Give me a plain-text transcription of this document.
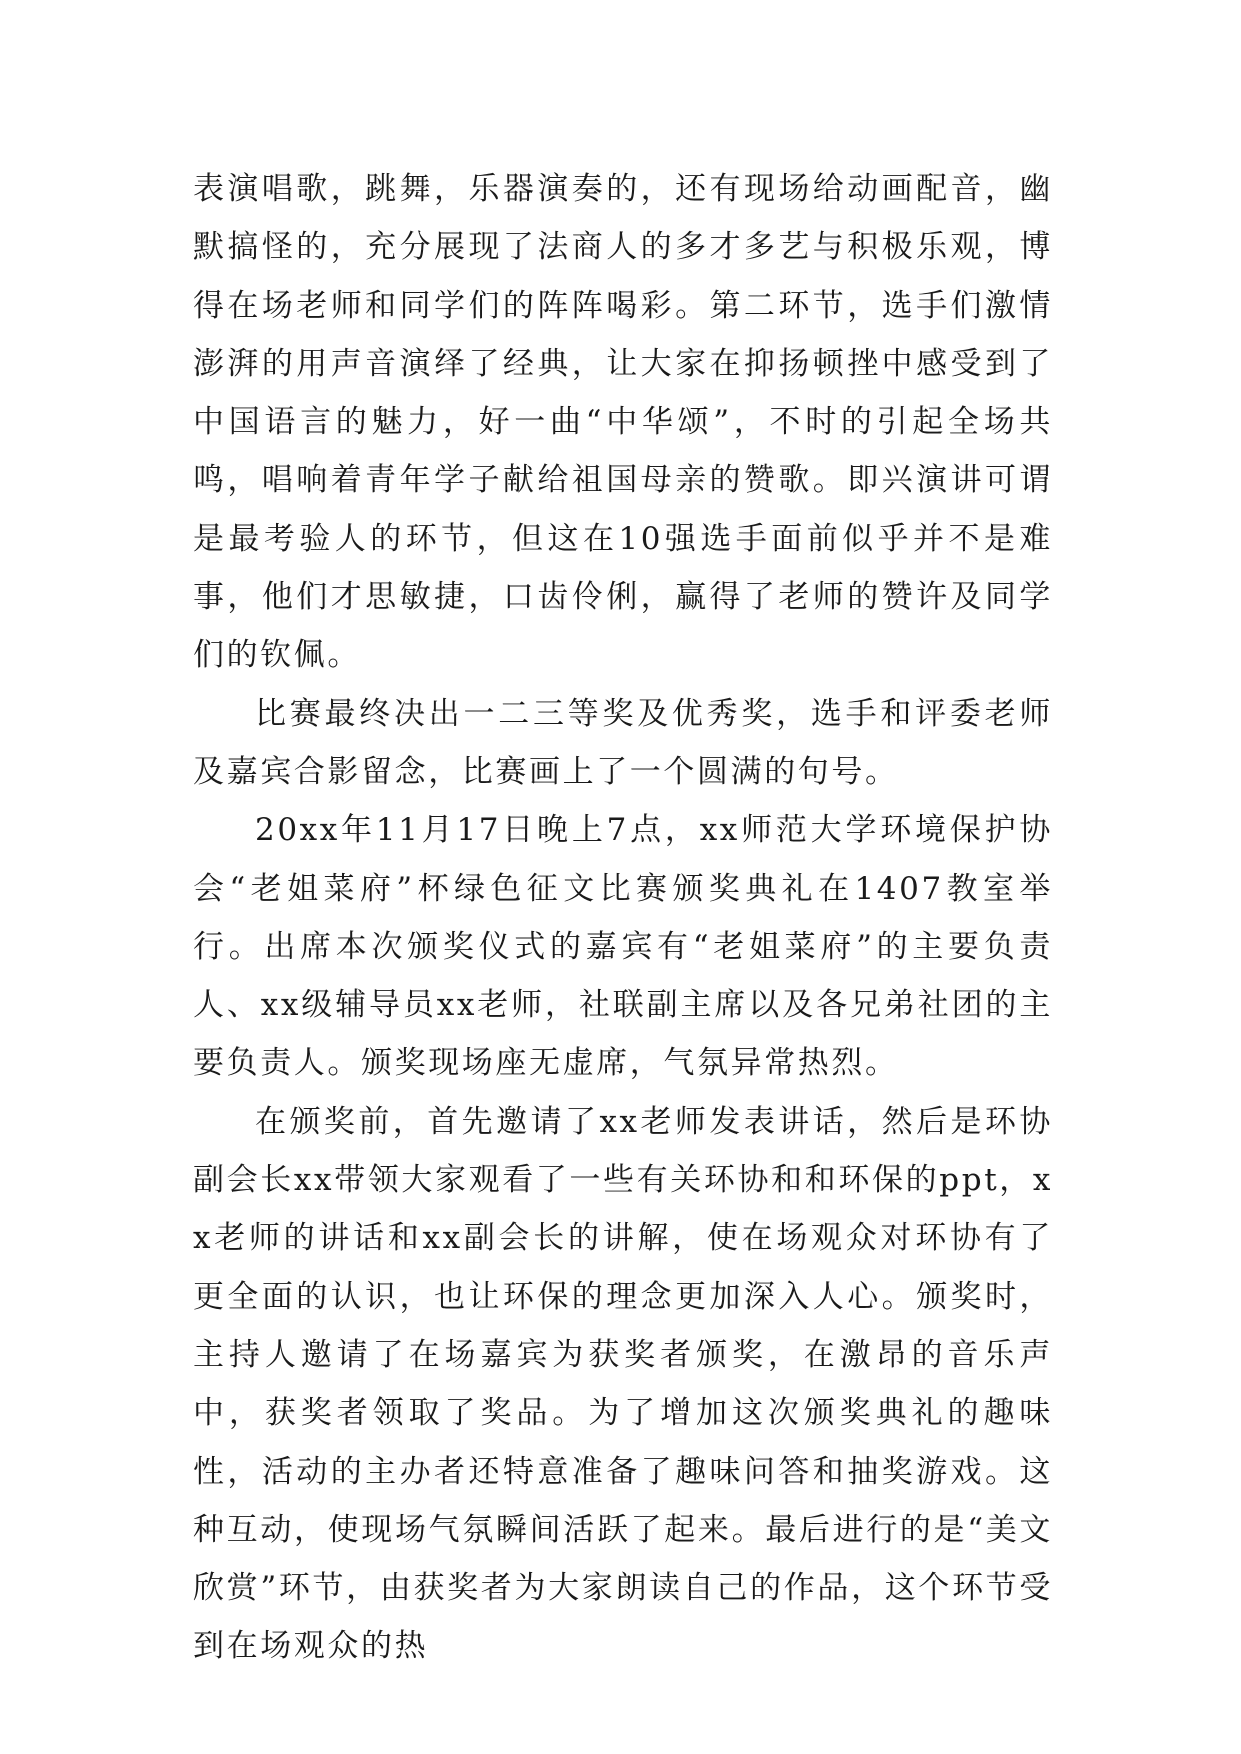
表演唱歌，跳舞，乐器演奏的，还有现场给动画配音，幽默搞怪的，充分展现了法商人的多才多艺与积极乐观，博得在场老师和同学们的阵阵喝彩。第二环节，选手们激情澎湃的用声音演绎了经典，让大家在抑扬顿挫中感受到了中国语言的魅力，好一曲“中华颂”，不时的引起全场共鸣，唱响着青年学子献给祖国母亲的赞歌。即兴演讲可谓是最考验人的环节，但这在10强选手面前似乎并不是难事，他们才思敏捷，口齿伶俐，赢得了老师的赞许及同学们的钦佩。

比赛最终决出一二三等奖及优秀奖，选手和评委老师及嘉宾合影留念，比赛画上了一个圆满的句号。

20xx年11月17日晚上7点，xx师范大学环境保护协会“老姐菜府”杯绿色征文比赛颁奖典礼在1407教室举行。出席本次颁奖仪式的嘉宾有“老姐菜府”的主要负责人、xx级辅导员xx老师，社联副主席以及各兄弟社团的主要负责人。颁奖现场座无虚席，气氛异常热烈。

在颁奖前，首先邀请了xx老师发表讲话，然后是环协副会长xx带领大家观看了一些有关环协和和环保的ppt，xx老师的讲话和xx副会长的讲解，使在场观众对环协有了更全面的认识，也让环保的理念更加深入人心。颁奖时，主持人邀请了在场嘉宾为获奖者颁奖，在激昂的音乐声中，获奖者领取了奖品。为了增加这次颁奖典礼的趣味性，活动的主办者还特意准备了趣味问答和抽奖游戏。这种互动，使现场气氛瞬间活跃了起来。最后进行的是“美文欣赏”环节，由获奖者为大家朗读自己的作品，这个环节受到在场观众的热
